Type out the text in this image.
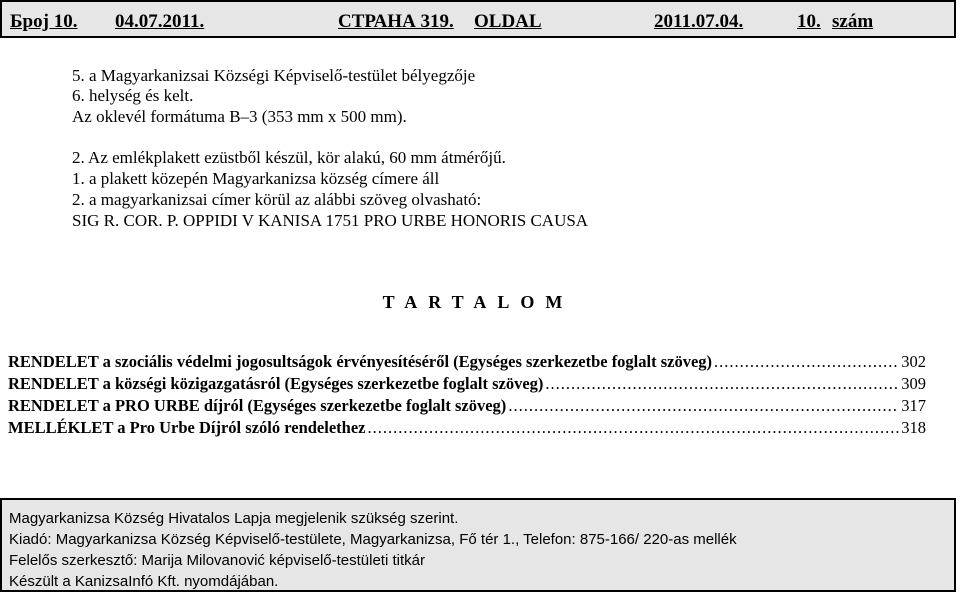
Број 10. 04.07.2011.	СТРАНА 319. OLDAL	2011.07.04.	10. szám
5. a Magyarkanizsai Községi Képviselő-testület bélyegzője
6. helység és kelt.
Az oklevél formátuma B–3 (353 mm x 500 mm).
2. Az emlékplakett ezüstből készül, kör alakú, 60 mm átmérőjű.
1. a plakett közepén Magyarkanizsa község címere áll
2. a magyarkanizsai címer körül az alábbi szöveg olvasható:
SIG R. COR. P. OPPIDI V KANISA 1751 PRO URBE HONORIS CAUSA
TARTALOM
RENDELET a szociális védelmi jogosultságok érvényesítéséről (Egységes szerkezetbe foglalt szöveg) .....	302
RENDELET a községi közigazgatásról (Egységes szerkezetbe foglalt szöveg) .....	309
RENDELET a PRO URBE díjról (Egységes szerkezetbe foglalt szöveg) .....	317
MELLÉKLET a Pro Urbe Díjról szóló rendelethez .....	318
Magyarkanizsa Község Hivatalos Lapja megjelenik szükség szerint.
Kiadó: Magyarkanizsa Község Képviselő-testülete, Magyarkanizsa, Fő tér 1., Telefon: 875-166/ 220-as mellék
Felelős szerkesztő: Marija Milovanović képviselő-testületi titkár
Készült a KanizsaInfó Kft. nyomdájában.
